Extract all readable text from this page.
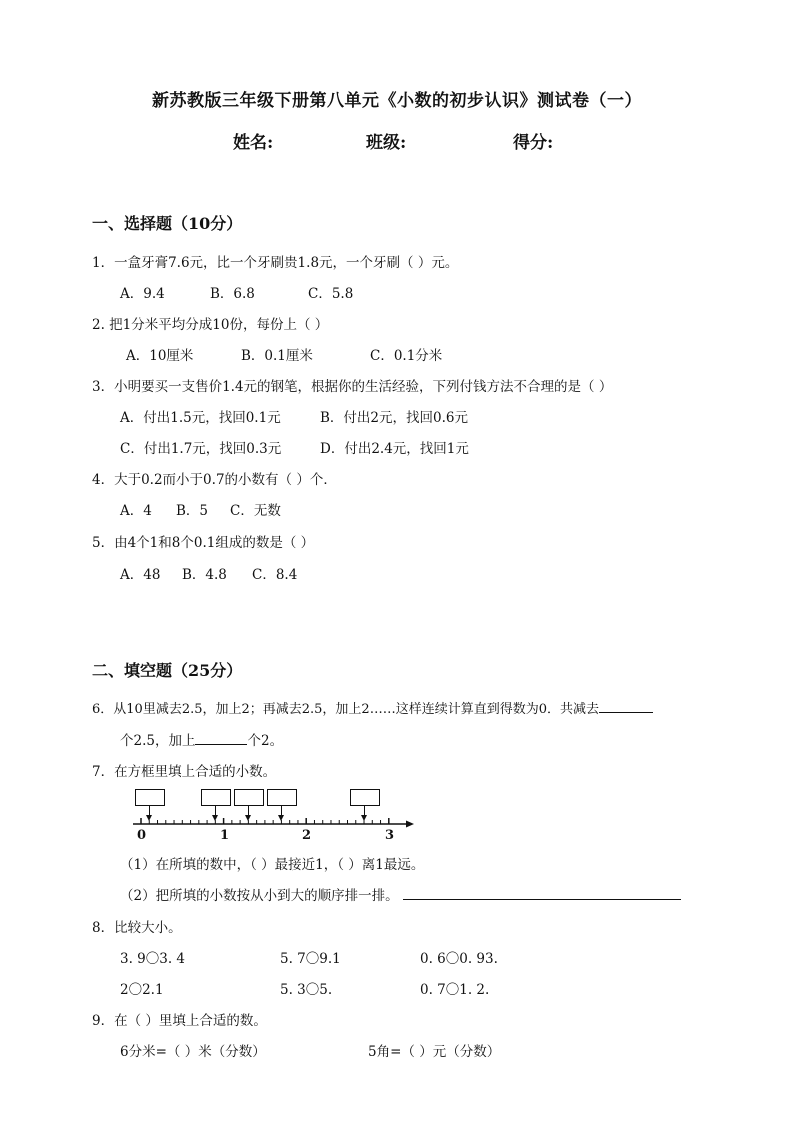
新苏教版三年级下册第八单元《小数的初步认识》测试卷（一）
姓名:	班级:	得分:
一、选择题（10分）
1．一盒牙膏7.6元，比一个牙刷贵1.8元，一个牙刷（ ）元。
A．9.4	B．6.8	C．5.8
2. 把1分米平均分成10份，每份上（ ）
A．10厘米	B．0.1厘米	C．0.1分米
3．小明要买一支售价1.4元的钢笔，根据你的生活经验，下列付钱方法不合理的是（ ）
A．付出1.5元，找回0.1元	B．付出2元，找回0.6元
C．付出1.7元，找回0.3元	D．付出2.4元，找回1元
4．大于0.2而小于0.7的小数有（ ）个．
A．4 B．5 C．无数
5．由4个1和8个0.1组成的数是（ ）
A．48 B．4.8 C．8.4
二、填空题（25分）
6．从10里减去2.5，加上2；再减去2.5，加上2……这样连续计算直到得数为0．共减去
个2.5，加上	个2。
7．在方框里填上合适的小数。
0	1	2	3
（1）在所填的数中，（ ）最接近1，（ ）离1最远。
（2）把所填的小数按从小到大的顺序排一排。
8．比较大小。
3. 9〇3. 4	5. 7〇9.1	0. 6〇0. 93.
2〇2.1	5. 3〇5.	0. 7〇1. 2.
9．在（ ）里填上合适的数。
6分米=（ ）米（分数）	5角=（ ）元（分数）
